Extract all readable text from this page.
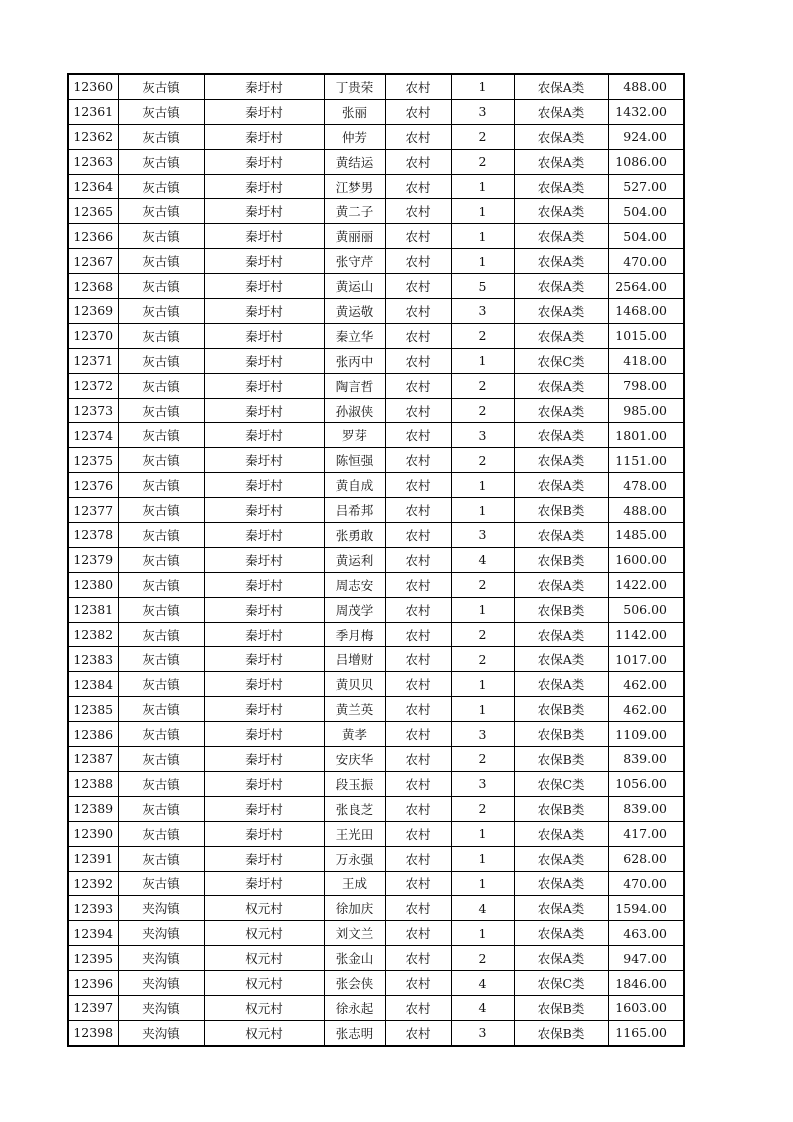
12360	灰古镇	秦圩村	丁贵荣	农村	1	农保A类	488.00
12361	灰古镇	秦圩村	张丽	农村	3	农保A类	1432.00
12362	灰古镇	秦圩村	仲芳	农村	2	农保A类	924.00
12363	灰古镇	秦圩村	黄结运	农村	2	农保A类	1086.00
12364	灰古镇	秦圩村	江梦男	农村	1	农保A类	527.00
12365	灰古镇	秦圩村	黄二子	农村	1	农保A类	504.00
12366	灰古镇	秦圩村	黄丽丽	农村	1	农保A类	504.00
12367	灰古镇	秦圩村	张守芹	农村	1	农保A类	470.00
12368	灰古镇	秦圩村	黄运山	农村	5	农保A类	2564.00
12369	灰古镇	秦圩村	黄运敬	农村	3	农保A类	1468.00
12370	灰古镇	秦圩村	秦立华	农村	2	农保A类	1015.00
12371	灰古镇	秦圩村	张丙中	农村	1	农保C类	418.00
12372	灰古镇	秦圩村	陶言哲	农村	2	农保A类	798.00
12373	灰古镇	秦圩村	孙淑侠	农村	2	农保A类	985.00
12374	灰古镇	秦圩村	罗芽	农村	3	农保A类	1801.00
12375	灰古镇	秦圩村	陈恒强	农村	2	农保A类	1151.00
12376	灰古镇	秦圩村	黄自成	农村	1	农保A类	478.00
12377	灰古镇	秦圩村	吕希邦	农村	1	农保B类	488.00
12378	灰古镇	秦圩村	张勇敢	农村	3	农保A类	1485.00
12379	灰古镇	秦圩村	黄运利	农村	4	农保B类	1600.00
12380	灰古镇	秦圩村	周志安	农村	2	农保A类	1422.00
12381	灰古镇	秦圩村	周茂学	农村	1	农保B类	506.00
12382	灰古镇	秦圩村	季月梅	农村	2	农保A类	1142.00
12383	灰古镇	秦圩村	吕增财	农村	2	农保A类	1017.00
12384	灰古镇	秦圩村	黄贝贝	农村	1	农保A类	462.00
12385	灰古镇	秦圩村	黄兰英	农村	1	农保B类	462.00
12386	灰古镇	秦圩村	黄孝	农村	3	农保B类	1109.00
12387	灰古镇	秦圩村	安庆华	农村	2	农保B类	839.00
12388	灰古镇	秦圩村	段玉振	农村	3	农保C类	1056.00
12389	灰古镇	秦圩村	张良芝	农村	2	农保B类	839.00
12390	灰古镇	秦圩村	王光田	农村	1	农保A类	417.00
12391	灰古镇	秦圩村	万永强	农村	1	农保A类	628.00
12392	灰古镇	秦圩村	王成	农村	1	农保A类	470.00
12393	夹沟镇	权元村	徐加庆	农村	4	农保A类	1594.00
12394	夹沟镇	权元村	刘文兰	农村	1	农保A类	463.00
12395	夹沟镇	权元村	张金山	农村	2	农保A类	947.00
12396	夹沟镇	权元村	张会侠	农村	4	农保C类	1846.00
12397	夹沟镇	权元村	徐永起	农村	4	农保B类	1603.00
12398	夹沟镇	权元村	张志明	农村	3	农保B类	1165.00
